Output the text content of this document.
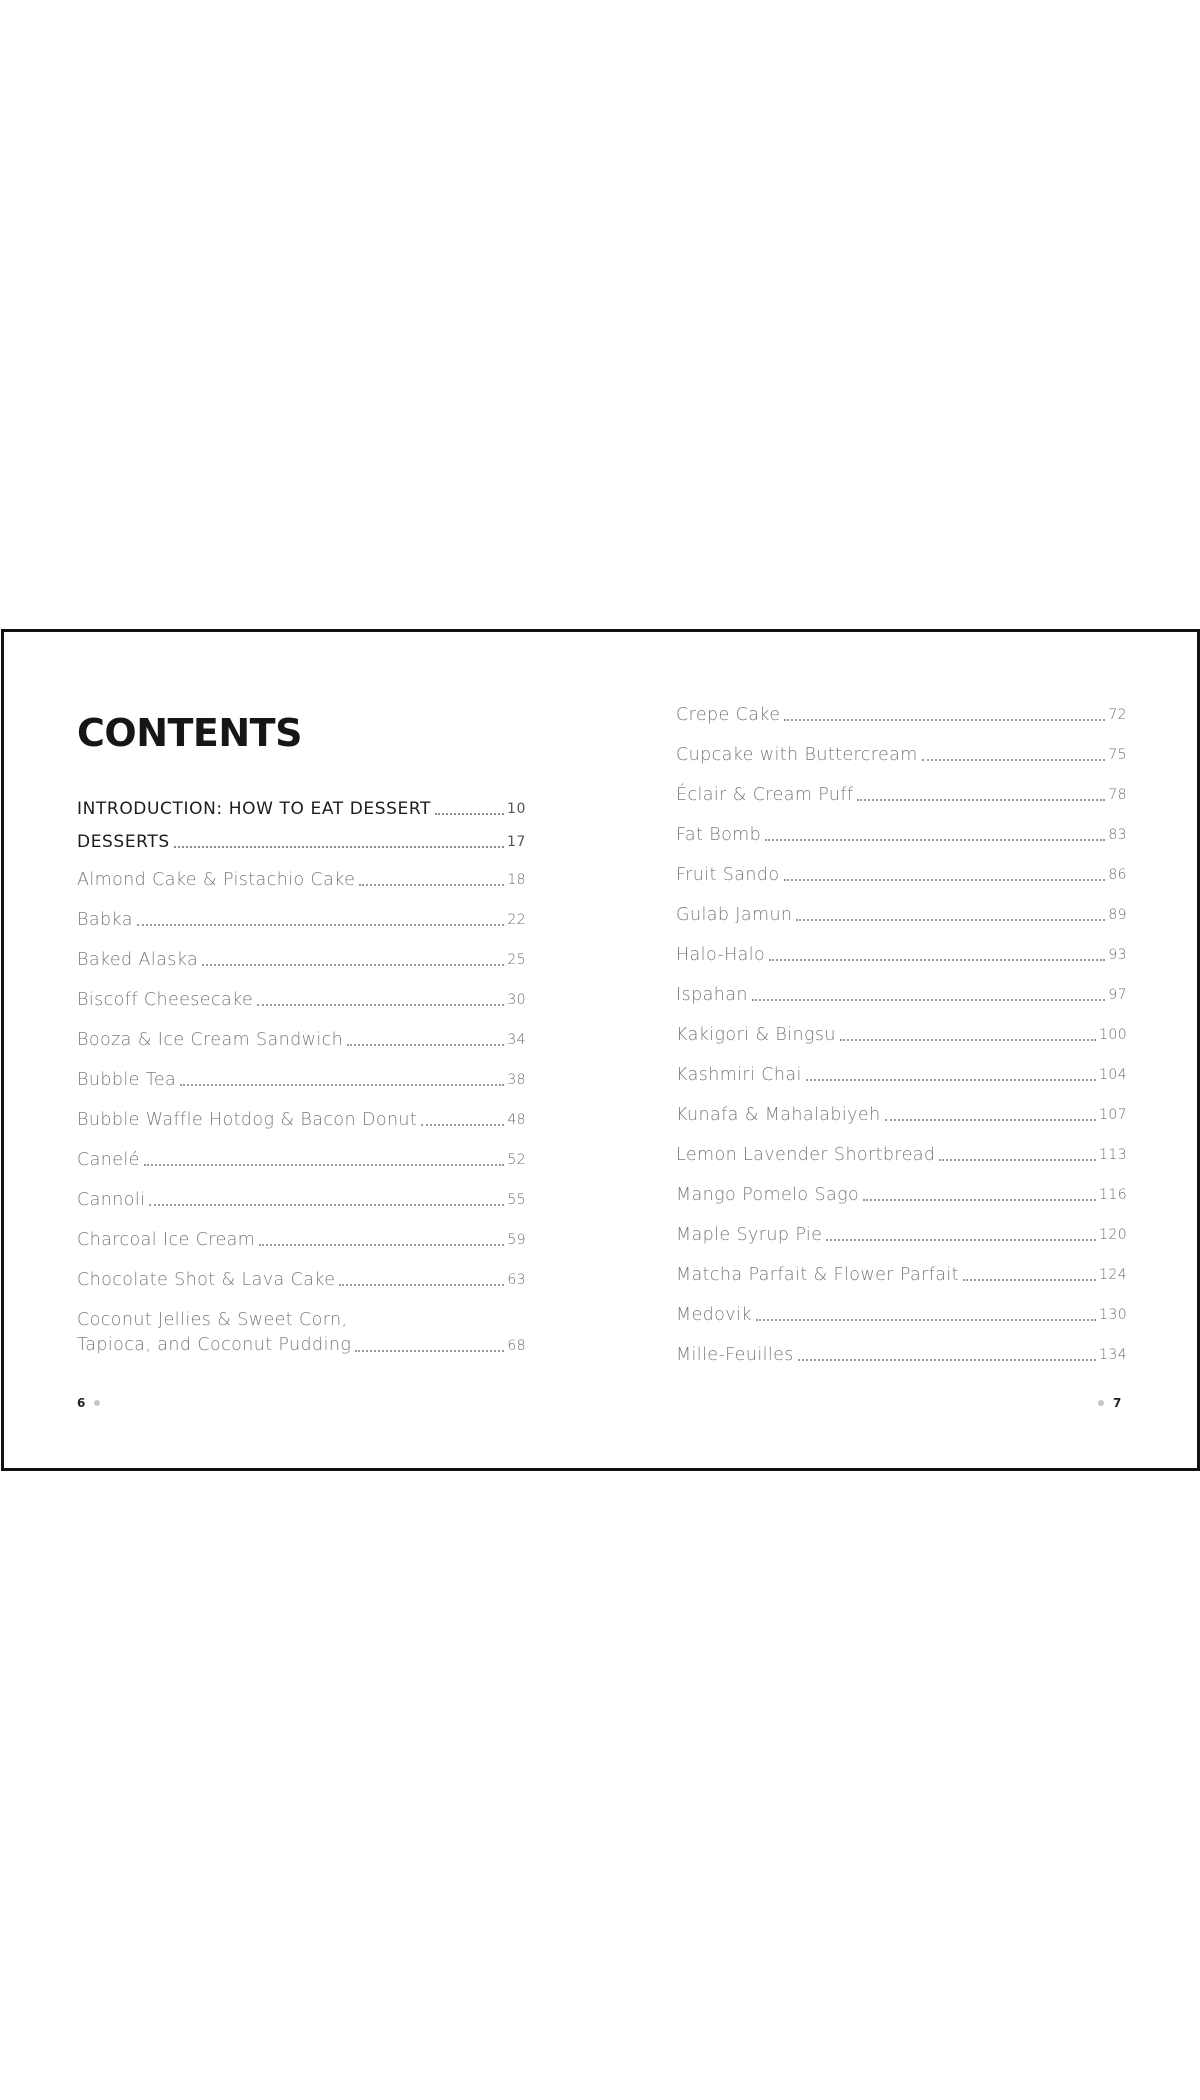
CONTENTS
INTRODUCTION: HOW TO EAT DESSERT	10
DESSERTS	17
Almond Cake & Pistachio Cake	18
Babka	22
Baked Alaska	25
Biscoff Cheesecake	30
Booza & Ice Cream Sandwich	34
Bubble Tea	38
Bubble Waffle Hotdog & Bacon Donut	48
Canelé	52
Cannoli	55
Charcoal Ice Cream	59
Chocolate Shot & Lava Cake	63
Coconut Jellies & Sweet Corn,
Tapioca, and Coconut Pudding	68
Crepe Cake	72
Cupcake with Buttercream	75
Éclair & Cream Puff	78
Fat Bomb	83
Fruit Sando	86
Gulab Jamun	89
Halo-Halo	93
Ispahan	97
Kakigori & Bingsu	100
Kashmiri Chai	104
Kunafa & Mahalabiyeh	107
Lemon Lavender Shortbread	113
Mango Pomelo Sago	116
Maple Syrup Pie	120
Matcha Parfait & Flower Parfait	124
Medovik	130
Mille-Feuilles	134
6	7
